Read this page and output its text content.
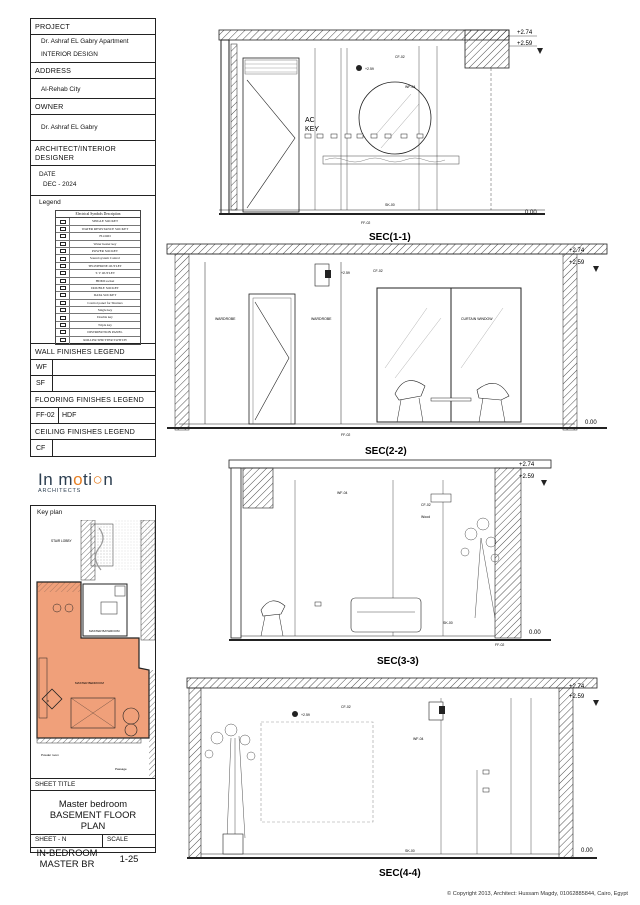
PROJECT
Dr. Ashraf EL Gabry Apartment
INTERIOR DESIGN
ADDRESS
Al-Rehab City
OWNER
Dr. Ashraf EL Gabry
ARCHITECT/INTERIOR DESIGNER
DATE
DEC - 2024
Legend
Electrical Symbols Description
SINGLE SOCKET
WATER RESISTANCE SOCKET
FLOOD
Water heater key
POWER SOCKET
Sound system Control
TELEPHONE OUTLET
T. V OUTLET
HDMI socket
DOUBLE SOCKET
DATA SOCKET
Control panel for Shutters
Single key
Double key
Triple key
DISTRIBUTION PANEL
ROLLER SHUTTER SWITCH
WALL FINISHES LEGEND
WF
SF
FLOORING FINISHES LEGEND
FF-02	HDF
CEILING FINISHES LEGEND
CF
In moti○n
ARCHITECTS
Key plan
STAIR LOBBY
MASTER BATHROOM
X
MASTER BEDROOM
Powder room
Passage
SHEET TITLE
Master bedroom
BASEMENT FLOOR
PLAN
SHEET - N	SCALE
IN-BEDROOM
MASTER BR	1-25
AC
KEY
+2.59
CF-02
WF-04
SK-00
FF-02
+2.74
+2.59
0.00
SEC(1-1)
WARDROBE	WARDROBE	CURTAIN WINDOW
+2.59	CF-02
FF-02
+2.74
+2.59
0.00
SEC(2-2)
CF-02
WF-04
Wood
SK-00
FF-02
+2.74
+2.59
0.00
SEC(3-3)
+2.59
CF-02
WF-04
SK-00
+2.74
+2.59
0.00
SEC(4-4)
© Copyright 2013, Architect: Hussam Magdy, 01062885844, Cairo, Egypt
